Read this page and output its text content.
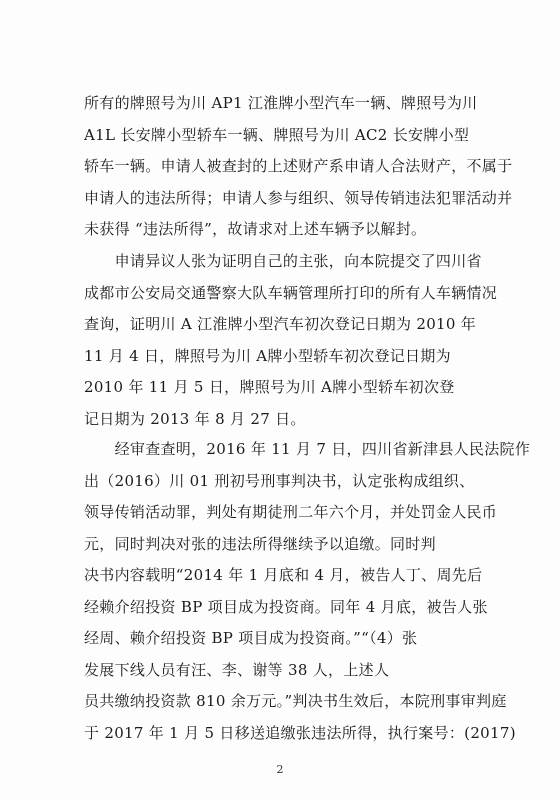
所有的牌照号为川 AP1 江淮牌小型汽车一辆、牌照号为川
A1L 长安牌小型轿车一辆、牌照号为川 AC2 长安牌小型
轿车一辆。申请人被查封的上述财产系申请人合法财产，不属于
申请人的违法所得；申请人参与组织、领导传销违法犯罪活动并
未获得 “违法所得”，故请求对上述车辆予以解封。
　　申请异议人张为证明自己的主张，向本院提交了四川省
成都市公安局交通警察大队车辆管理所打印的所有人车辆情况
查询，证明川 A 江淮牌小型汽车初次登记日期为 2010 年
11 月 4 日，牌照号为川 A牌小型轿车初次登记日期为
2010 年 11 月 5 日，牌照号为川 A牌小型轿车初次登
记日期为 2013 年 8 月 27 日。
　　经审查查明，2016 年 11 月 7 日，四川省新津县人民法院作
出（2016）川 01 刑初号刑事判决书，认定张构成组织、
领导传销活动罪，判处有期徒刑二年六个月，并处罚金人民币
元，同时判决对张的违法所得继续予以追缴。同时判
决书内容载明“2014 年 1 月底和 4 月，被告人丁、周先后
经赖介绍投资 BP 项目成为投资商。同年 4 月底，被告人张
经周、赖介绍投资 BP 项目成为投资商。”“（4）张
发展下线人员有汪、李、谢等 38 人，上述人
员共缴纳投资款 810 余万元。”判决书生效后，本院刑事审判庭
于 2017 年 1 月 5 日移送追缴张违法所得，执行案号：(2017)
2
